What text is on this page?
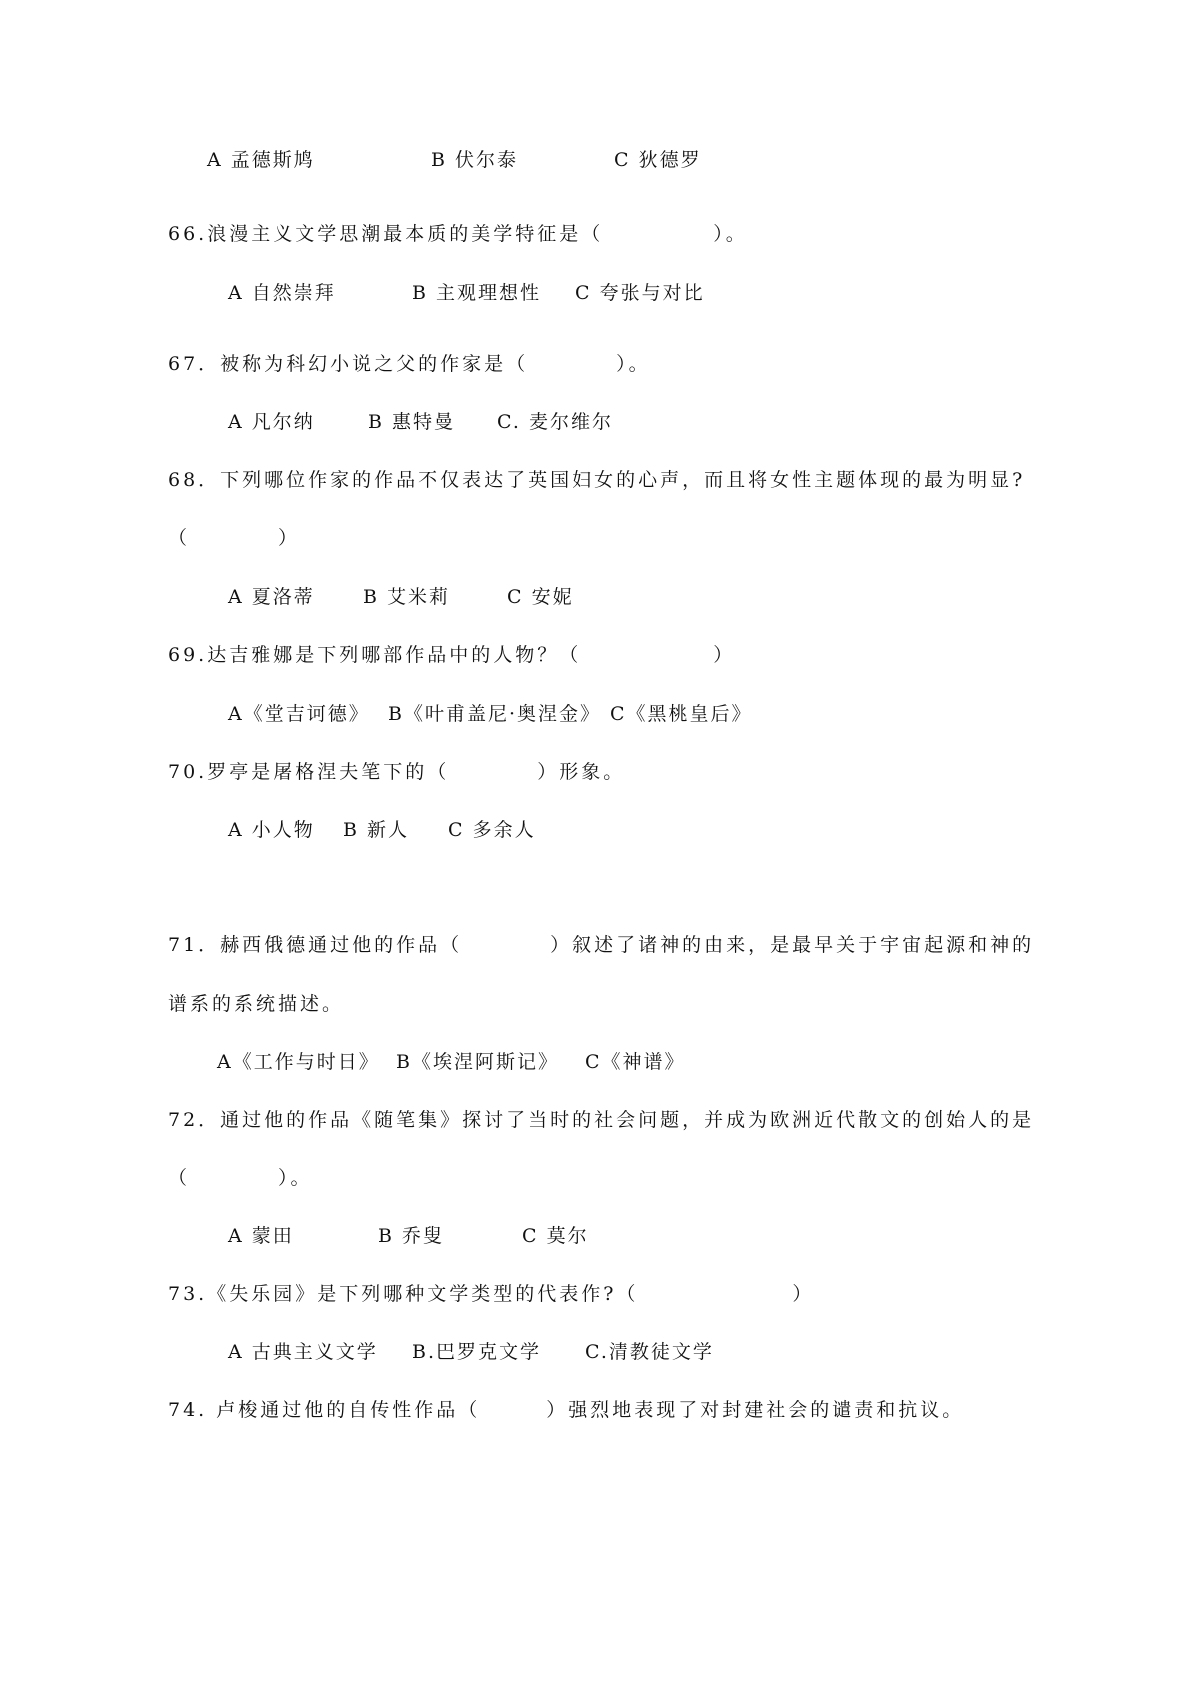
A 孟德斯鸠	B 伏尔泰	C 狄德罗
66.浪漫主义文学思潮最本质的美学特征是（　　　　　）。
A 自然崇拜	B 主观理想性 C 夸张与对比
67．被称为科幻小说之父的作家是（　　　　）。
A 凡尔纳	B 惠特曼 C. 麦尔维尔
68．下列哪位作家的作品不仅表达了英国妇女的心声，而且将女性主题体现的最为明显?
（　　　　）
A 夏洛蒂	B 艾米莉	C 安妮
69.达吉雅娜是下列哪部作品中的人物？（　　　　　　）
A《堂吉诃德》 B《叶甫盖尼·奥涅金》 C《黑桃皇后》
70.罗亭是屠格涅夫笔下的（　　　　）形象。
A 小人物 B 新人 C 多余人
71．赫西俄德通过他的作品（　　　　）叙述了诸神的由来，是最早关于宇宙起源和神的
谱系的系统描述。
A《工作与时日》 B《埃涅阿斯记》 C《神谱》
72．通过他的作品《随笔集》探讨了当时的社会问题，并成为欧洲近代散文的创始人的是
（　　　　）。
A 蒙田	B 乔叟	C 莫尔
73.《失乐园》是下列哪种文学类型的代表作?（　　　　　　　）
A 古典主义文学 B.巴罗克文学 C.清教徒文学
74. 卢梭通过他的自传性作品（　　　）强烈地表现了对封建社会的谴责和抗议。
